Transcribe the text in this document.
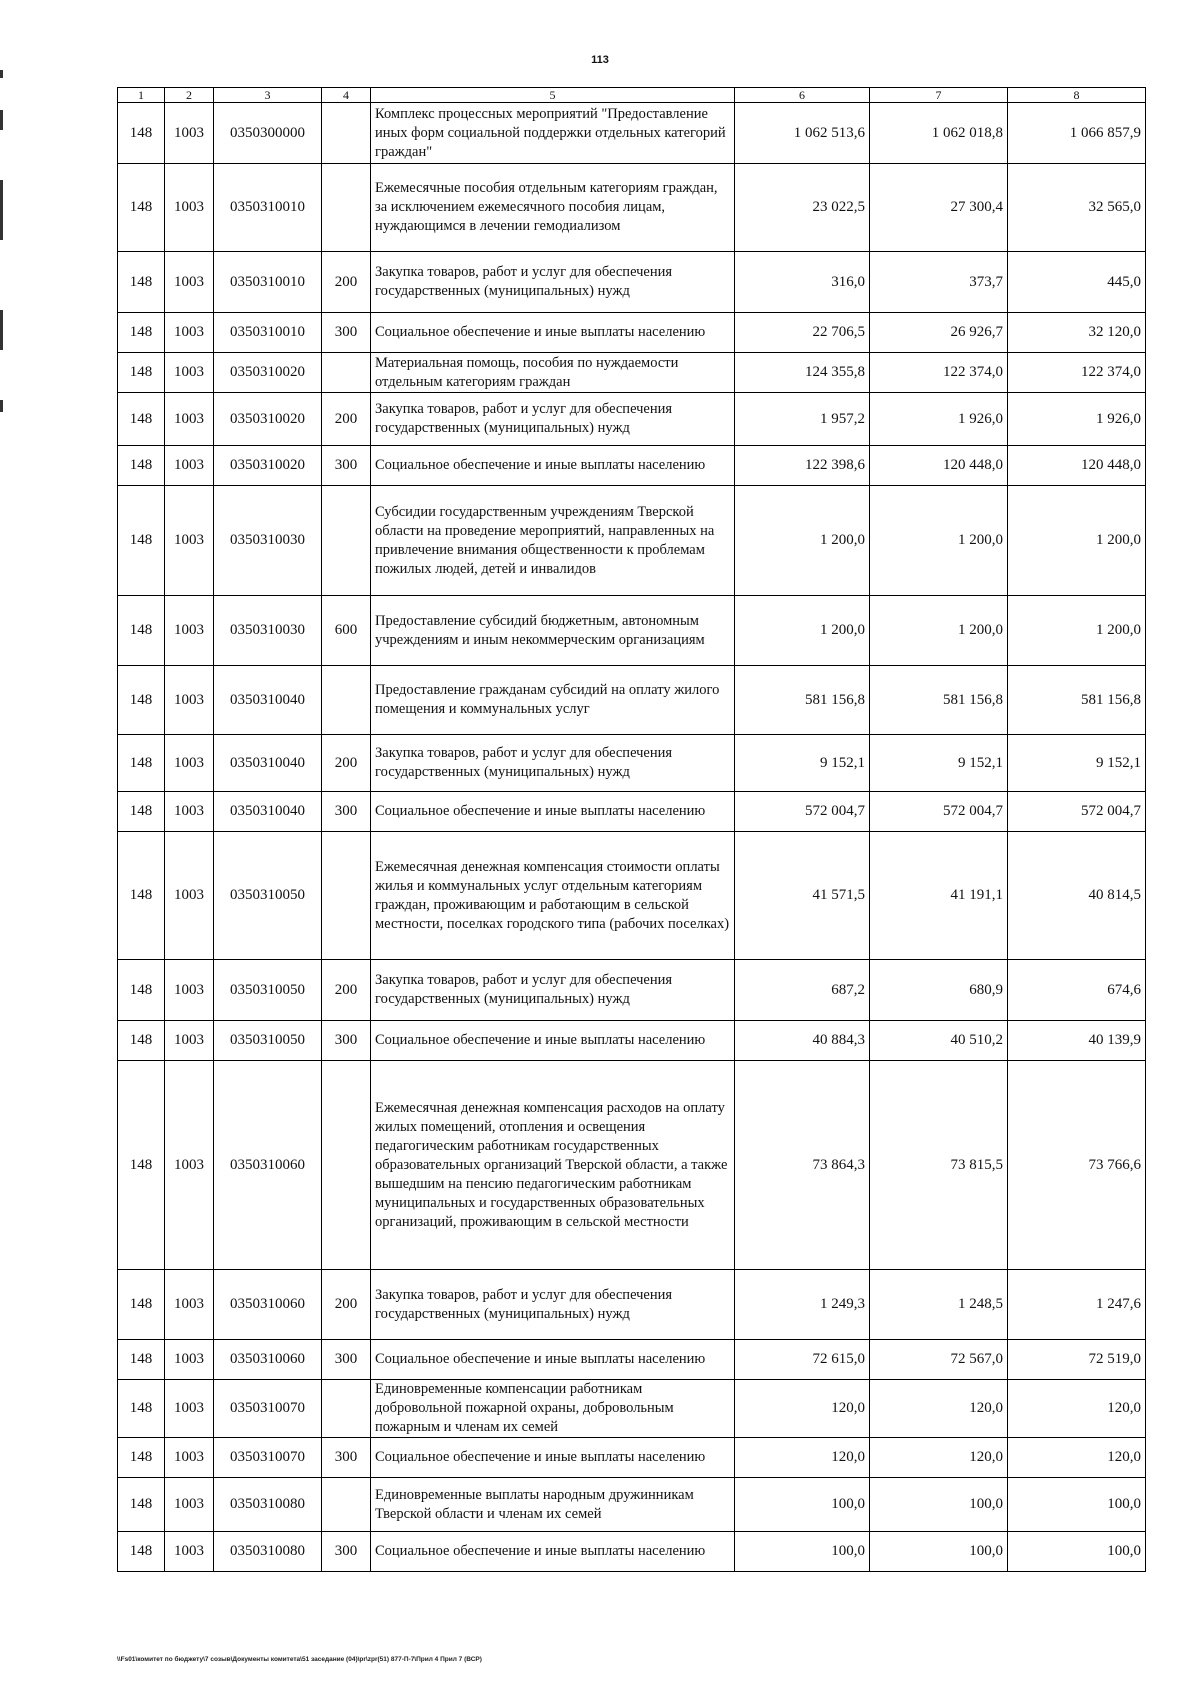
113
1	2	3	4	5	6	7	8
148	1003	0350300000		Комплекс процессных мероприятий "Предоставление иных форм социальной поддержки отдельных категорий граждан"	1 062 513,6	1 062 018,8	1 066 857,9
148	1003	0350310010		Ежемесячные пособия отдельным категориям граждан, за исключением ежемесячного пособия лицам, нуждающимся в лечении гемодиализом	23 022,5	27 300,4	32 565,0
148	1003	0350310010	200	Закупка товаров, работ и услуг для обеспечения государственных (муниципальных) нужд	316,0	373,7	445,0
148	1003	0350310010	300	Социальное обеспечение и иные выплаты населению	22 706,5	26 926,7	32 120,0
148	1003	0350310020		Материальная помощь, пособия по нуждаемости отдельным категориям граждан	124 355,8	122 374,0	122 374,0
148	1003	0350310020	200	Закупка товаров, работ и услуг для обеспечения государственных (муниципальных) нужд	1 957,2	1 926,0	1 926,0
148	1003	0350310020	300	Социальное обеспечение и иные выплаты населению	122 398,6	120 448,0	120 448,0
148	1003	0350310030		Субсидии государственным учреждениям Тверской области на проведение мероприятий, направленных на привлечение внимания общественности к проблемам пожилых людей, детей и инвалидов	1 200,0	1 200,0	1 200,0
148	1003	0350310030	600	Предоставление субсидий бюджетным, автономным учреждениям и иным некоммерческим организациям	1 200,0	1 200,0	1 200,0
148	1003	0350310040		Предоставление гражданам субсидий на оплату жилого помещения и коммунальных услуг	581 156,8	581 156,8	581 156,8
148	1003	0350310040	200	Закупка товаров, работ и услуг для обеспечения государственных (муниципальных) нужд	9 152,1	9 152,1	9 152,1
148	1003	0350310040	300	Социальное обеспечение и иные выплаты населению	572 004,7	572 004,7	572 004,7
148	1003	0350310050		Ежемесячная денежная компенсация стоимости оплаты жилья и коммунальных услуг отдельным категориям граждан, проживающим и работающим в сельской местности, поселках городского типа (рабочих поселках)	41 571,5	41 191,1	40 814,5
148	1003	0350310050	200	Закупка товаров, работ и услуг для обеспечения государственных (муниципальных) нужд	687,2	680,9	674,6
148	1003	0350310050	300	Социальное обеспечение и иные выплаты населению	40 884,3	40 510,2	40 139,9
148	1003	0350310060		Ежемесячная денежная компенсация расходов на оплату жилых помещений, отопления и освещения педагогическим работникам государственных образовательных организаций Тверской области, а также вышедшим на пенсию педагогическим работникам муниципальных и государственных образовательных организаций, проживающим в сельской местности	73 864,3	73 815,5	73 766,6
148	1003	0350310060	200	Закупка товаров, работ и услуг для обеспечения государственных (муниципальных) нужд	1 249,3	1 248,5	1 247,6
148	1003	0350310060	300	Социальное обеспечение и иные выплаты населению	72 615,0	72 567,0	72 519,0
148	1003	0350310070		Единовременные компенсации работникам добровольной пожарной охраны, добровольным пожарным и членам их семей	120,0	120,0	120,0
148	1003	0350310070	300	Социальное обеспечение и иные выплаты населению	120,0	120,0	120,0
148	1003	0350310080		Единовременные выплаты народным дружинникам Тверской области и членам их семей	100,0	100,0	100,0
148	1003	0350310080	300	Социальное обеспечение и иные выплаты населению	100,0	100,0	100,0
\\Fs01\комитет по бюджету\7 созыв\Документы комитета\51 заседание (04)\pr\zpr(51) 877-П-7\Прил 4 Прил 7 (ВСР)
